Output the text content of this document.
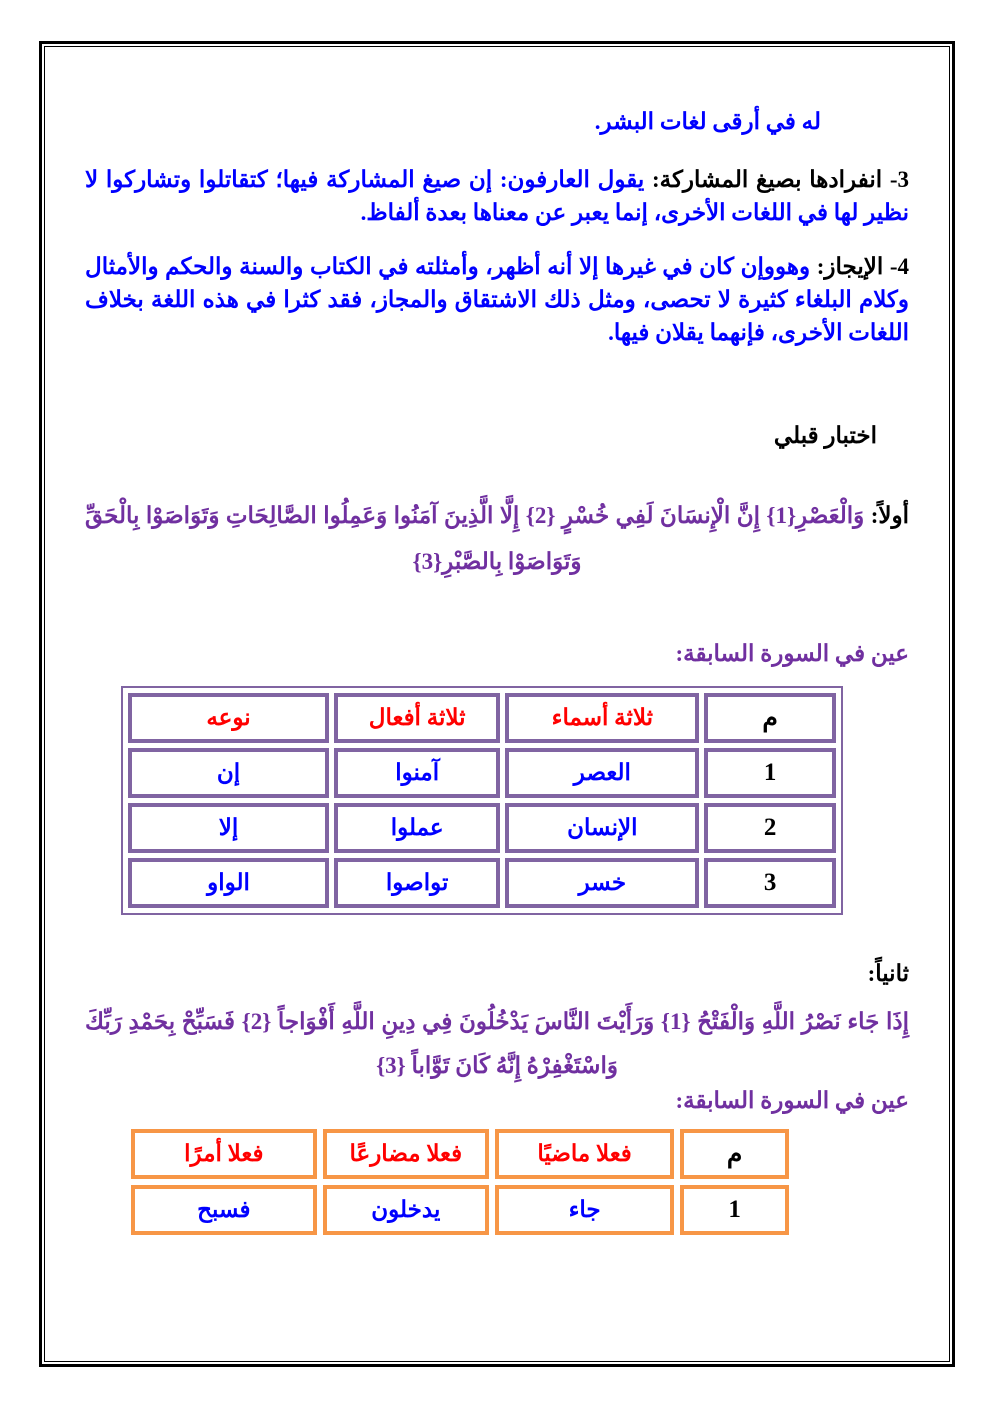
له في أرقى لغات البشر.

3- انفرادها بصيغ المشاركة: يقول العارفون: إن صيغ المشاركة فيها؛ كتقاتلوا وتشاركوا لا نظير لها في اللغات الأخرى، إنما يعبر عن معناها بعدة ألفاظ.

4- الإيجاز: وهووإن كان في غيرها إلا أنه أظهر، وأمثلته في الكتاب والسنة والحكم والأمثال وكلام البلغاء كثيرة لا تحصى، ومثل ذلك الاشتقاق والمجاز، فقد كثرا في هذه اللغة بخلاف اللغات الأخرى، فإنهما يقلان فيها.

اختبار قبلي

أولاً: وَالْعَصْرِ{1} إِنَّ الْإِنسَانَ لَفِي خُسْرٍ {2} إِلَّا الَّذِينَ آمَنُوا وَعَمِلُوا الصَّالِحَاتِ وَتَوَاصَوْا بِالْحَقِّ وَتَوَاصَوْا بِالصَّبْرِ{3}

عين في السورة السابقة:

م	ثلاثة أسماء	ثلاثة أفعال	نوعه
1	العصر	آمنوا	إن
2	الإنسان	عملوا	إلا
3	خسر	تواصوا	الواو

ثانياً:

إِذَا جَاء نَصْرُ اللَّهِ وَالْفَتْحُ {1} وَرَأَيْتَ النَّاسَ يَدْخُلُونَ فِي دِينِ اللَّهِ أَفْوَاجاً {2} فَسَبِّحْ بِحَمْدِ رَبِّكَ وَاسْتَغْفِرْهُ إِنَّهُ كَانَ تَوَّاباً {3}

عين في السورة السابقة:

م	فعلا ماضيًا	فعلا مضارعًا	فعلا أمرًا
1	جاء	يدخلون	فسبح
